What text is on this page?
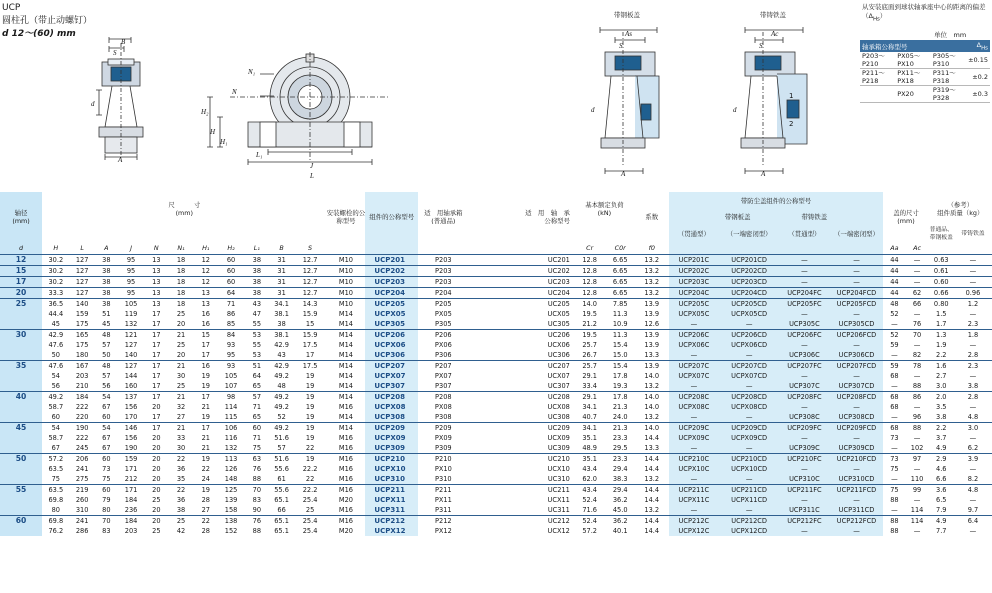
UCP
圆柱孔（带止动螺钉）
d 12～(60) mm
B
S
d
A
N₁
N
H₂
H
H₁
L₁
J
L
带钢板盖
As
S
d
A
带铸铁盖
Ac
S
d
1
2
A
从安装底面到球状轴承座中心的距离的偏差$(\Delta_{Hs})$
单位　mm
轴承箱公称型号			$\Delta_{Hs}$
P203～ P210	PX05～ PX10	P305～ P310	±0.15
P211～ P218	PX11～ PX18	P311～ P318	±0.2
	PX20	P319～ P328	±0.3
轴径
(mm)	尺　　　寸
(mm)											安装螺栓的公称型号	组件的公称型号	适　用轴承箱
(普通品)	适　用　轴　承
公称型号	基本额定负荷
(kN)		系数	带防尘盖组件的公称型号

带钢板盖　　　　　　　　 带铸铁盖				盖的尺寸
(mm)		（参考）
组件质量（kg）	
																			（贯通型）	（一端密闭型）	（贯通型）	（一端密闭型）			普通品、带钢板盖	带铸铁盖
d	H	L	A	J	N	N₁	H₁	H₂	L₁	B	S					Cr	C0r	f0					Aa	Ac		
12	30.2	127	38	95	13	18	12	60	38	31	12.7	M10	UCP201	P203	UC201	12.8	6.65	13.2	UCP201C	UCP201CD	—	—	44	—	0.63	—
15	30.2	127	38	95	13	18	12	60	38	31	12.7	M10	UCP202	P203	UC202	12.8	6.65	13.2	UCP202C	UCP202CD	—	—	44	—	0.61	—
17	30.2	127	38	95	13	18	12	60	38	31	12.7	M10	UCP203	P203	UC203	12.8	6.65	13.2	UCP203C	UCP203CD	—	—	44	—	0.60	—
20	33.3	127	38	95	13	18	13	64	38	31	12.7	M10	UCP204	P204	UC204	12.8	6.65	13.2	UCP204C	UCP204CD	UCP204FC	UCP204FCD	44	62	0.66	0.96
25	36.5	140	38	105	13	18	13	71	43	34.1	14.3	M10	UCP205	P205	UC205	14.0	7.85	13.9	UCP205C	UCP205CD	UCP205FC	UCP205FCD	48	66	0.80	1.2
	44.4	159	51	119	17	25	16	86	47	38.1	15.9	M14	UCPX05	PX05	UCX05	19.5	11.3	13.9	UCPX05C	UCPX05CD	—	—	52	—	1.5	—
	45	175	45	132	17	20	16	85	55	38	15	M14	UCP305	P305	UC305	21.2	10.9	12.6	—	—	UCP305C	UCP305CD	—	76	1.7	2.3
30	42.9	165	48	121	17	21	15	84	53	38.1	15.9	M14	UCP206	P206	UC206	19.5	11.3	13.9	UCP206C	UCP206CD	UCP206FC	UCP206FCD	52	70	1.3	1.8
	47.6	175	57	127	17	25	17	93	55	42.9	17.5	M14	UCPX06	PX06	UCX06	25.7	15.4	13.9	UCPX06C	UCPX06CD	—	—	59	—	1.9	—
	50	180	50	140	17	20	17	95	53	43	17	M14	UCP306	P306	UC306	26.7	15.0	13.3	—	—	UCP306C	UCP306CD	—	82	2.2	2.8
35	47.6	167	48	127	17	21	16	93	51	42.9	17.5	M14	UCP207	P207	UC207	25.7	15.4	13.9	UCP207C	UCP207CD	UCP207FC	UCP207FCD	59	78	1.6	2.3
	54	203	57	144	17	30	19	105	64	49.2	19	M14	UCPX07	PX07	UCX07	29.1	17.8	14.0	UCPX07C	UCPX07CD	—	—	68	—	2.7	—
	56	210	56	160	17	25	19	107	65	48	19	M14	UCP307	P307	UC307	33.4	19.3	13.2	—	—	UCP307C	UCP307CD	—	88	3.0	3.8
40	49.2	184	54	137	17	21	17	98	57	49.2	19	M14	UCP208	P208	UC208	29.1	17.8	14.0	UCP208C	UCP208CD	UCP208FC	UCP208FCD	68	86	2.0	2.8
	58.7	222	67	156	20	32	21	114	71	49.2	19	M16	UCPX08	PX08	UCX08	34.1	21.3	14.0	UCPX08C	UCPX08CD	—	—	68	—	3.5	—
	60	220	60	170	17	27	19	115	65	52	19	M14	UCP308	P308	UC308	40.7	24.0	13.2	—	—	UCP308C	UCP308CD	—	96	3.8	4.8
45	54	190	54	146	17	21	17	106	60	49.2	19	M14	UCP209	P209	UC209	34.1	21.3	14.0	UCP209C	UCP209CD	UCP209FC	UCP209FCD	68	88	2.2	3.0
	58.7	222	67	156	20	33	21	116	71	51.6	19	M16	UCPX09	PX09	UCX09	35.1	23.3	14.4	UCPX09C	UCPX09CD	—	—	73	—	3.7	—
	67	245	67	190	20	30	21	132	75	57	22	M16	UCP309	P309	UC309	48.9	29.5	13.3	—	—	UCP309C	UCP309CD	—	102	4.9	6.2
50	57.2	206	60	159	20	22	19	113	63	51.6	19	M16	UCP210	P210	UC210	35.1	23.3	14.4	UCP210C	UCP210CD	UCP210FC	UCP210FCD	73	97	2.9	3.9
	63.5	241	73	171	20	36	22	126	76	55.6	22.2	M16	UCPX10	PX10	UCX10	43.4	29.4	14.4	UCPX10C	UCPX10CD	—	—	75	—	4.6	—
	75	275	75	212	20	35	24	148	88	61	22	M16	UCP310	P310	UC310	62.0	38.3	13.2	—	—	UCP310C	UCP310CD	—	110	6.6	8.2
55	63.5	219	60	171	20	22	19	125	70	55.6	22.2	M16	UCP211	P211	UC211	43.4	29.4	14.4	UCP211C	UCP211CD	UCP211FC	UCP211FCD	75	99	3.6	4.8
	69.8	260	79	184	25	36	28	139	83	65.1	25.4	M20	UCPX11	PX11	UCX11	52.4	36.2	14.4	UCPX11C	UCPX11CD	—	—	88	—	6.5	—
	80	310	80	236	20	38	27	158	90	66	25	M16	UCP311	P311	UC311	71.6	45.0	13.2	—	—	UCP311C	UCP311CD	—	114	7.9	9.7
60	69.8	241	70	184	20	25	22	138	76	65.1	25.4	M16	UCP212	P212	UC212	52.4	36.2	14.4	UCP212C	UCP212CD	UCP212FC	UCP212FCD	88	114	4.9	6.4
	76.2	286	83	203	25	42	28	152	88	65.1	25.4	M20	UCPX12	PX12	UCX12	57.2	40.1	14.4	UCPX12C	UCPX12CD	—	—	88	—	7.7	—
